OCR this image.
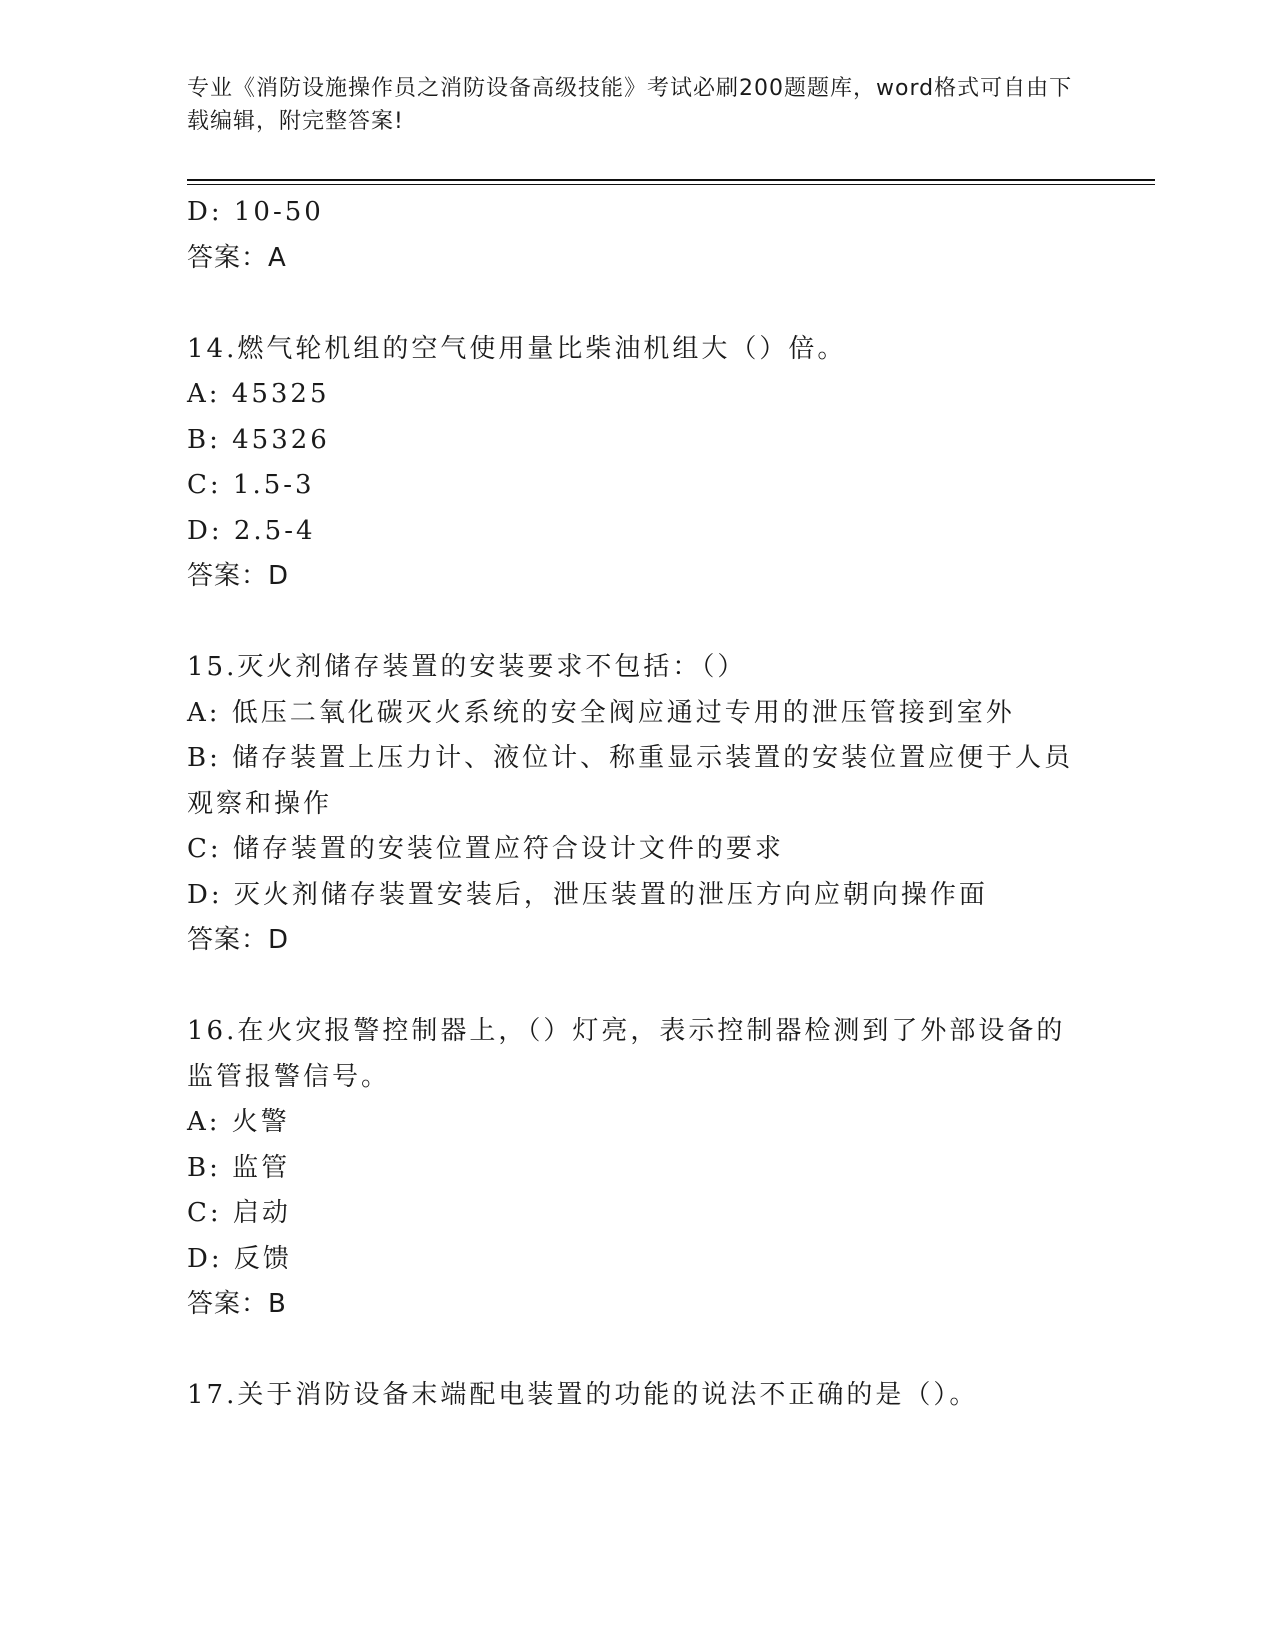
专业《消防设施操作员之消防设备高级技能》考试必刷200题题库，word格式可自由下载编辑，附完整答案!
D: 10-50
答案：A
14.燃气轮机组的空气使用量比柴油机组大（）倍。
A: 45325
B: 45326
C: 1.5-3
D: 2.5-4
答案：D
15.灭火剂储存装置的安装要求不包括：（）
A: 低压二氧化碳灭火系统的安全阀应通过专用的泄压管接到室外
B: 储存装置上压力计、液位计、称重显示装置的安装位置应便于人员观察和操作
C: 储存装置的安装位置应符合设计文件的要求
D: 灭火剂储存装置安装后，泄压装置的泄压方向应朝向操作面
答案：D
16.在火灾报警控制器上，（）灯亮，表示控制器检测到了外部设备的监管报警信号。
A: 火警
B: 监管
C: 启动
D: 反馈
答案：B
17.关于消防设备末端配电装置的功能的说法不正确的是（）。
